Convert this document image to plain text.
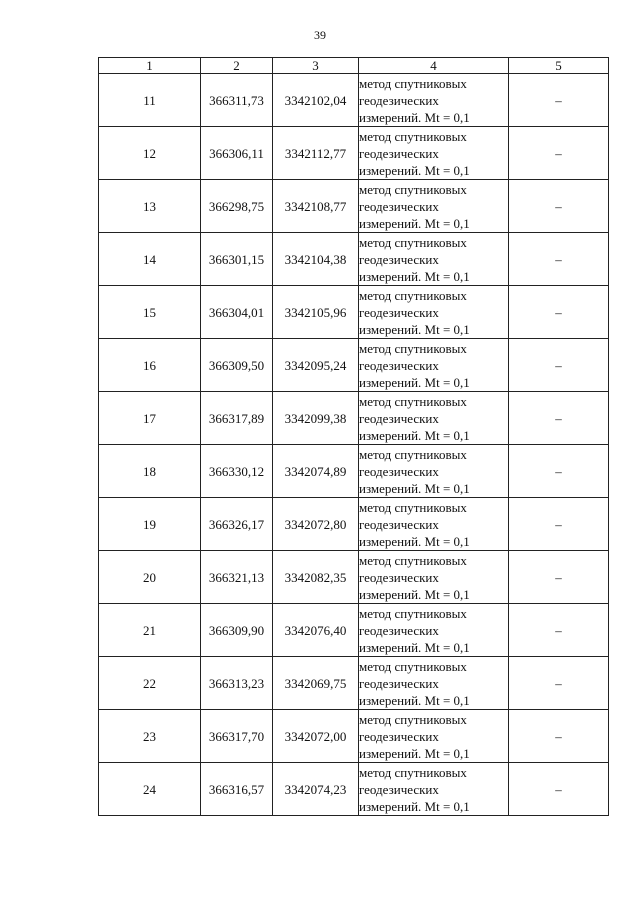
39
1	2	3	4	5
11	366311,73	3342102,04	метод спутниковых
геодезических
измерений. Mt = 0,1	–
12	366306,11	3342112,77	метод спутниковых
геодезических
измерений. Mt = 0,1	–
13	366298,75	3342108,77	метод спутниковых
геодезических
измерений. Mt = 0,1	–
14	366301,15	3342104,38	метод спутниковых
геодезических
измерений. Mt = 0,1	–
15	366304,01	3342105,96	метод спутниковых
геодезических
измерений. Mt = 0,1	–
16	366309,50	3342095,24	метод спутниковых
геодезических
измерений. Mt = 0,1	–
17	366317,89	3342099,38	метод спутниковых
геодезических
измерений. Mt = 0,1	–
18	366330,12	3342074,89	метод спутниковых
геодезических
измерений. Mt = 0,1	–
19	366326,17	3342072,80	метод спутниковых
геодезических
измерений. Mt = 0,1	–
20	366321,13	3342082,35	метод спутниковых
геодезических
измерений. Mt = 0,1	–
21	366309,90	3342076,40	метод спутниковых
геодезических
измерений. Mt = 0,1	–
22	366313,23	3342069,75	метод спутниковых
геодезических
измерений. Mt = 0,1	–
23	366317,70	3342072,00	метод спутниковых
геодезических
измерений. Mt = 0,1	–
24	366316,57	3342074,23	метод спутниковых
геодезических
измерений. Mt = 0,1	–
